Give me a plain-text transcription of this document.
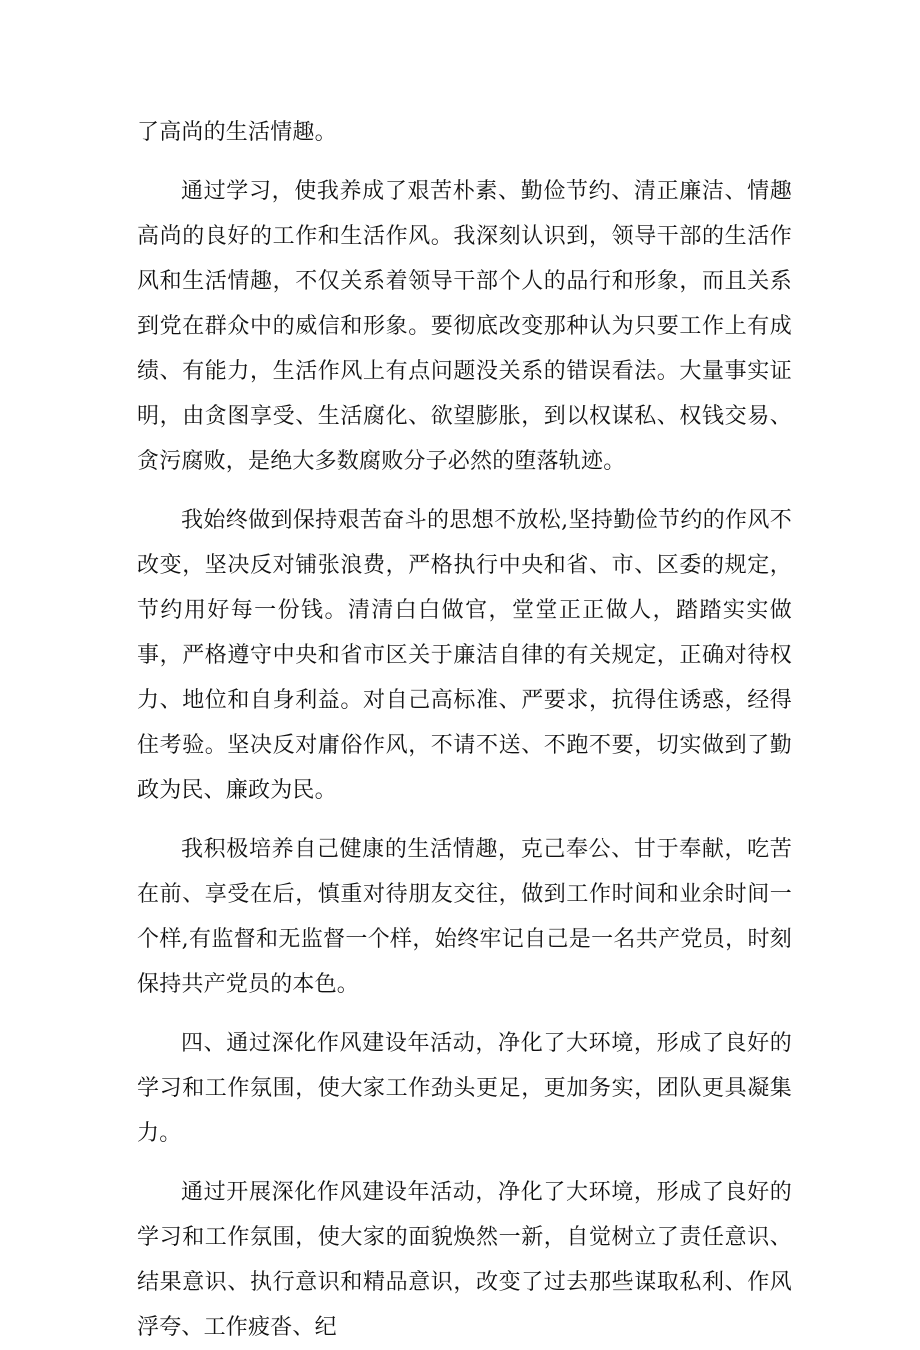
了高尚的生活情趣。

通过学习，使我养成了艰苦朴素、勤俭节约、清正廉洁、情趣高尚的良好的工作和生活作风。我深刻认识到，领导干部的生活作风和生活情趣，不仅关系着领导干部个人的品行和形象，而且关系到党在群众中的威信和形象。要彻底改变那种认为只要工作上有成绩、有能力，生活作风上有点问题没关系的错误看法。大量事实证明，由贪图享受、生活腐化、欲望膨胀，到以权谋私、权钱交易、贪污腐败，是绝大多数腐败分子必然的堕落轨迹。

我始终做到保持艰苦奋斗的思想不放松,坚持勤俭节约的作风不改变，坚决反对铺张浪费，严格执行中央和省、市、区委的规定，节约用好每一份钱。清清白白做官，堂堂正正做人，踏踏实实做事，严格遵守中央和省市区关于廉洁自律的有关规定，正确对待权力、地位和自身利益。对自己高标准、严要求，抗得住诱惑，经得住考验。坚决反对庸俗作风，不请不送、不跑不要，切实做到了勤政为民、廉政为民。

我积极培养自己健康的生活情趣，克己奉公、甘于奉献，吃苦在前、享受在后，慎重对待朋友交往，做到工作时间和业余时间一个样,有监督和无监督一个样，始终牢记自己是一名共产党员，时刻保持共产党员的本色。

四、通过深化作风建设年活动，净化了大环境，形成了良好的学习和工作氛围，使大家工作劲头更足，更加务实，团队更具凝集力。

通过开展深化作风建设年活动，净化了大环境，形成了良好的学习和工作氛围，使大家的面貌焕然一新，自觉树立了责任意识、结果意识、执行意识和精品意识，改变了过去那些谋取私利、作风浮夸、工作疲沓、纪
